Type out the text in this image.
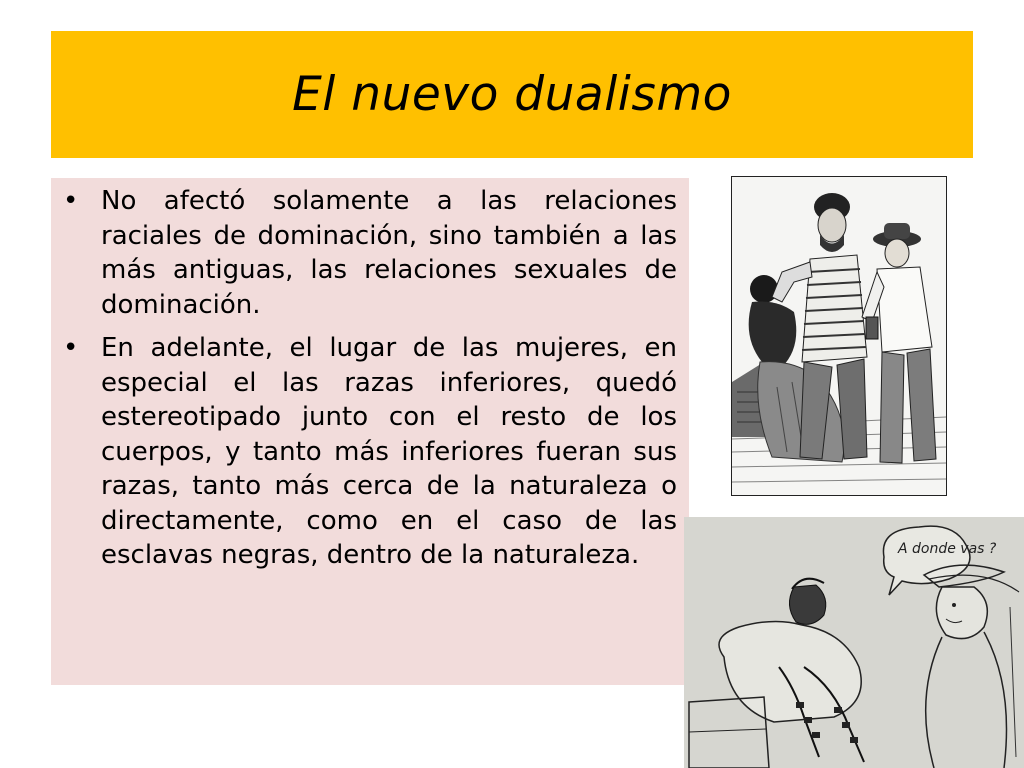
El nuevo dualismo
• No afectó solamente a las relaciones raciales de dominación, sino también a las más antiguas, las relaciones sexuales de dominación.
• En adelante, el lugar de las mujeres, en especial el las razas inferiores, quedó estereotipado junto con el resto de los cuerpos, y tanto más inferiores fueran sus razas, tanto más cerca de la naturaleza o directamente, como en el caso de las esclavas negras, dentro de la naturaleza.	A donde vas ?
